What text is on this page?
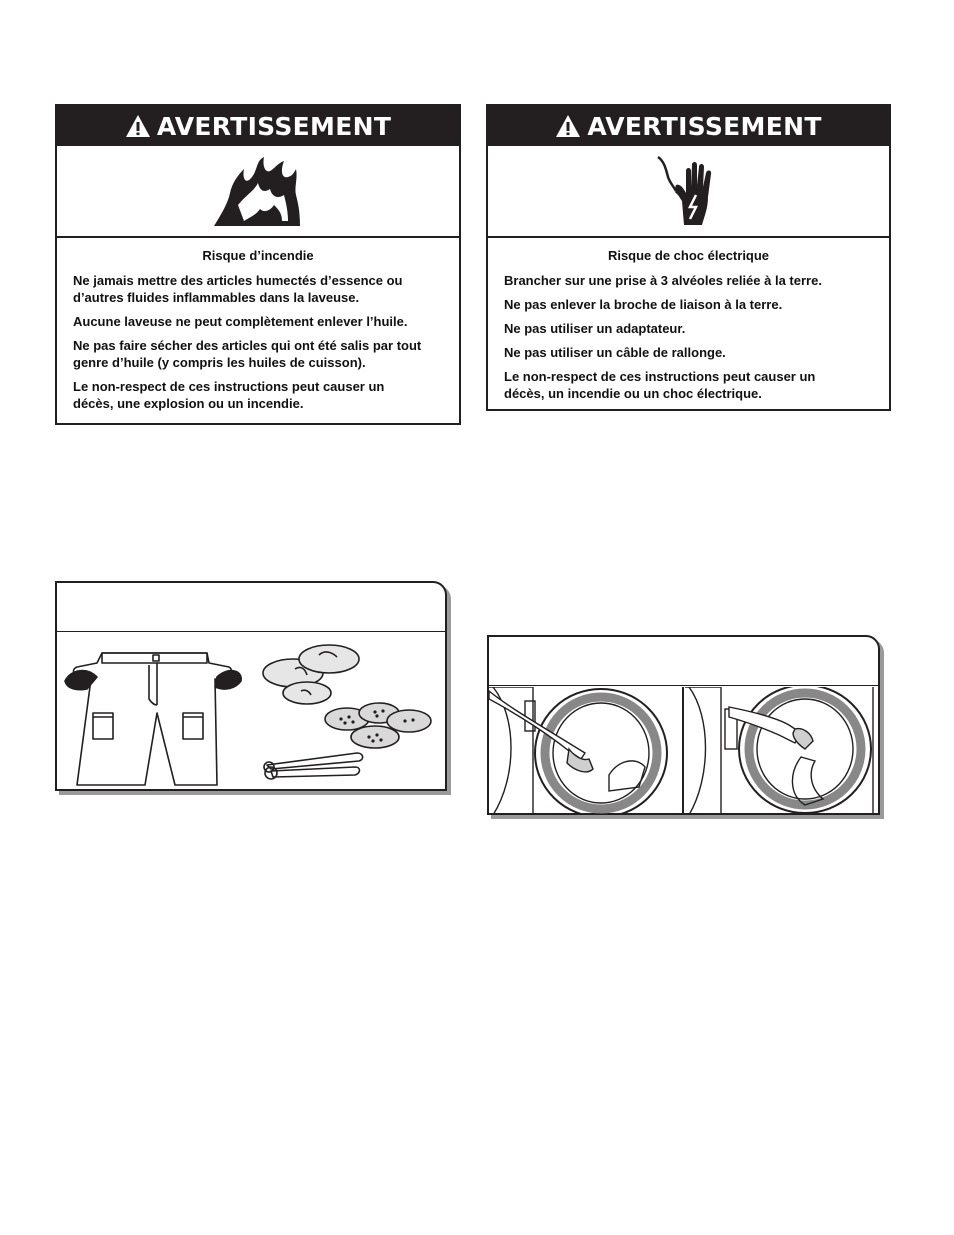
AVERTISSEMENT

Risque d’incendie

Ne jamais mettre des articles humectés d’essence ou d’autres fluides inflammables dans la laveuse.

Aucune laveuse ne peut complètement enlever l’huile.

Ne pas faire sécher des articles qui ont été salis par tout genre d’huile (y compris les huiles de cuisson).

Le non-respect de ces instructions peut causer un décès, une explosion ou un incendie.

AVERTISSEMENT

Risque de choc électrique

Brancher sur une prise à 3 alvéoles reliée à la terre.

Ne pas enlever la broche de liaison à la terre.

Ne pas utiliser un adaptateur.

Ne pas utiliser un câble de rallonge.

Le non-respect de ces instructions peut causer un décès, un incendie ou un choc électrique.
